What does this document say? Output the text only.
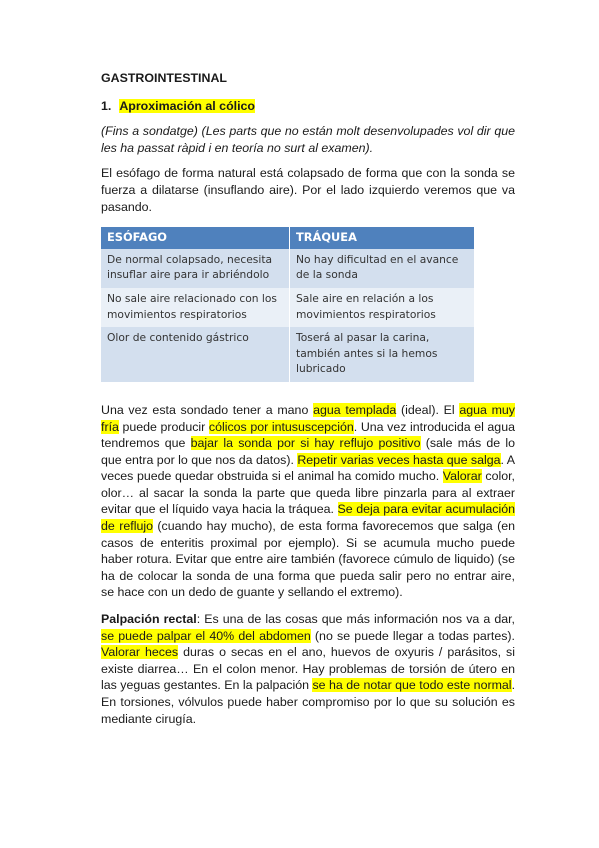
GASTROINTESTINAL
1. Aproximación al cólico
(Fins a sondatge) (Les parts que no están molt desenvolupades vol dir que les ha passat ràpid i en teoría no surt al examen).

El esófago de forma natural está colapsado de forma que con la sonda se fuerza a dilatarse (insuflando aire). Por el lado izquierdo veremos que va pasando.

ESÓFAGO	TRÁQUEA
De normal colapsado, necesita insuflar aire para ir abriéndolo	No hay dificultad en el avance de la sonda
No sale aire relacionado con los movimientos respiratorios	Sale aire en relación a los movimientos respiratorios
Olor de contenido gástrico	Toserá al pasar la carina, también antes si la hemos lubricado

Una vez esta sondado tener a mano agua templada (ideal). El agua muy fría puede producir cólicos por intususcepción. Una vez introducida el agua tendremos que bajar la sonda por si hay reflujo positivo (sale más de lo que entra por lo que nos da datos). Repetir varias veces hasta que salga. A veces puede quedar obstruida si el animal ha comido mucho. Valorar color, olor… al sacar la sonda la parte que queda libre pinzarla para al extraer evitar que el líquido vaya hacia la tráquea. Se deja para evitar acumulación de reflujo (cuando hay mucho), de esta forma favorecemos que salga (en casos de enteritis proximal por ejemplo). Si se acumula mucho puede haber rotura. Evitar que entre aire también (favorece cúmulo de liquido) (se ha de colocar la sonda de una forma que pueda salir pero no entrar aire, se hace con un dedo de guante y sellando el extremo).

Palpación rectal: Es una de las cosas que más información nos va a dar, se puede palpar el 40% del abdomen (no se puede llegar a todas partes). Valorar heces duras o secas en el ano, huevos de oxyuris / parásitos, si existe diarrea… En el colon menor. Hay problemas de torsión de útero en las yeguas gestantes. En la palpación se ha de notar que todo este normal. En torsiones, vólvulos puede haber compromiso por lo que su solución es mediante cirugía.
